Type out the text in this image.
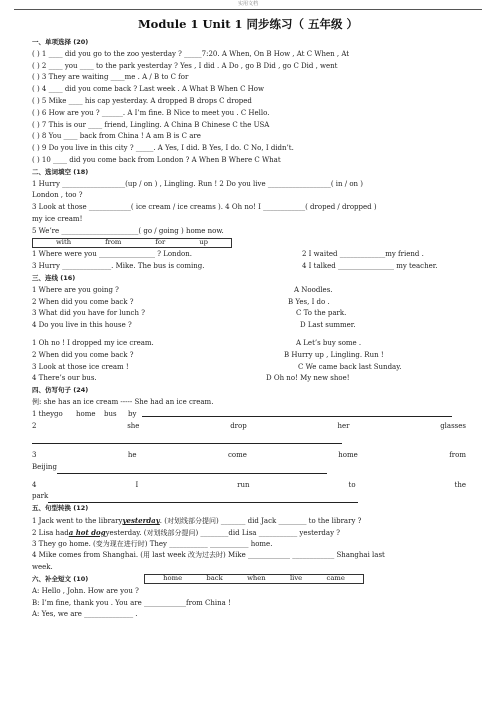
实用文档
Module 1 Unit 1 同步练习（ 五年级 ）
一、单项选择 (20)
( ) 1 ____ did you go to the zoo yesterday ? _____7:20. A When, On B How , At C When , At
( ) 2 ____ you ____ to the park yesterday ? Yes , I did . A Do , go B Did , go C Did , went
( ) 3 They are waiting ____me . A / B to C for
( ) 4 ____ did you come back ? Last week . A What B When C How
( ) 5 Mike ____ his cap yesterday. A dropped B drops C droped
( ) 6 How are you ? ______. A I’m fine. B Nice to meet you . C Hello.
( ) 7 This is our ____ friend, Lingling. A China B Chinese C the USA
( ) 8 You ____ back from China ! A am B is C are
( ) 9 Do you live in this city ? _____. A Yes, I did. B Yes, I do. C No, I didn’t.
( ) 10 ____ did you come back from London ? A When B Where C What
二、选词填空 (18)
1 Hurry __________________(up / on ) , Lingling. Run ! 2 Do you live __________________( in / on )
London , too ?
3 Look at those ____________( ice cream / ice creams ). 4 Oh no! I ____________( droped / dropped )
my ice cream!
5 We’re ______________________( go / going ) home now.
with	from	for	up
1 Where were you ________________ ? London.	2 I waited _____________my friend .
3 Hurry ______________. Mike. The bus is coming.	4 I talked ________________ my teacher.
三、连线 (16)
1 Where are you going ?	A Noodles.
2 When did you come back ?	B Yes, I do .
3 What did you have for lunch ?	C To the park.
4 Do you live in this house ?	D Last summer.
1 Oh no ! I dropped my ice cream.	A Let’s buy some .
2 When did you come back ?	B Hurry up , Lingling. Run !
3 Look at those ice cream !	C We came back last Sunday.
4 There’s our bus.	D Oh no! My new shoe!
四、仿写句子 (24)
例: she has an ice cream ----- She had an ice cream.
1 they go	home	bus	by
2	she	drop	her	glasses
3	he	come	home	from
Beijing
4	I	run	to	the
park
五、句型转换 (12)
1 Jack went to the libraryyesterday. (对划线部分提问) _______ did Jack ________ to the library ?
2 Lisa hada hot dogyesterday. (对划线部分提问) ________did Lisa ___________ yesterday ?
3 They go home. (变为现在进行时) They ___________ ___________ home.
4 Mike comes from Shanghai. (用 last week 改为过去时) Mike ____________ ____________ Shanghai last
week.
六、补全短文 (10)	home	back	when	live	came
A: Hello , John. How are you ?
B: I’m fine, thank you . You are ____________from China !
A: Yes, we are ______________ .
